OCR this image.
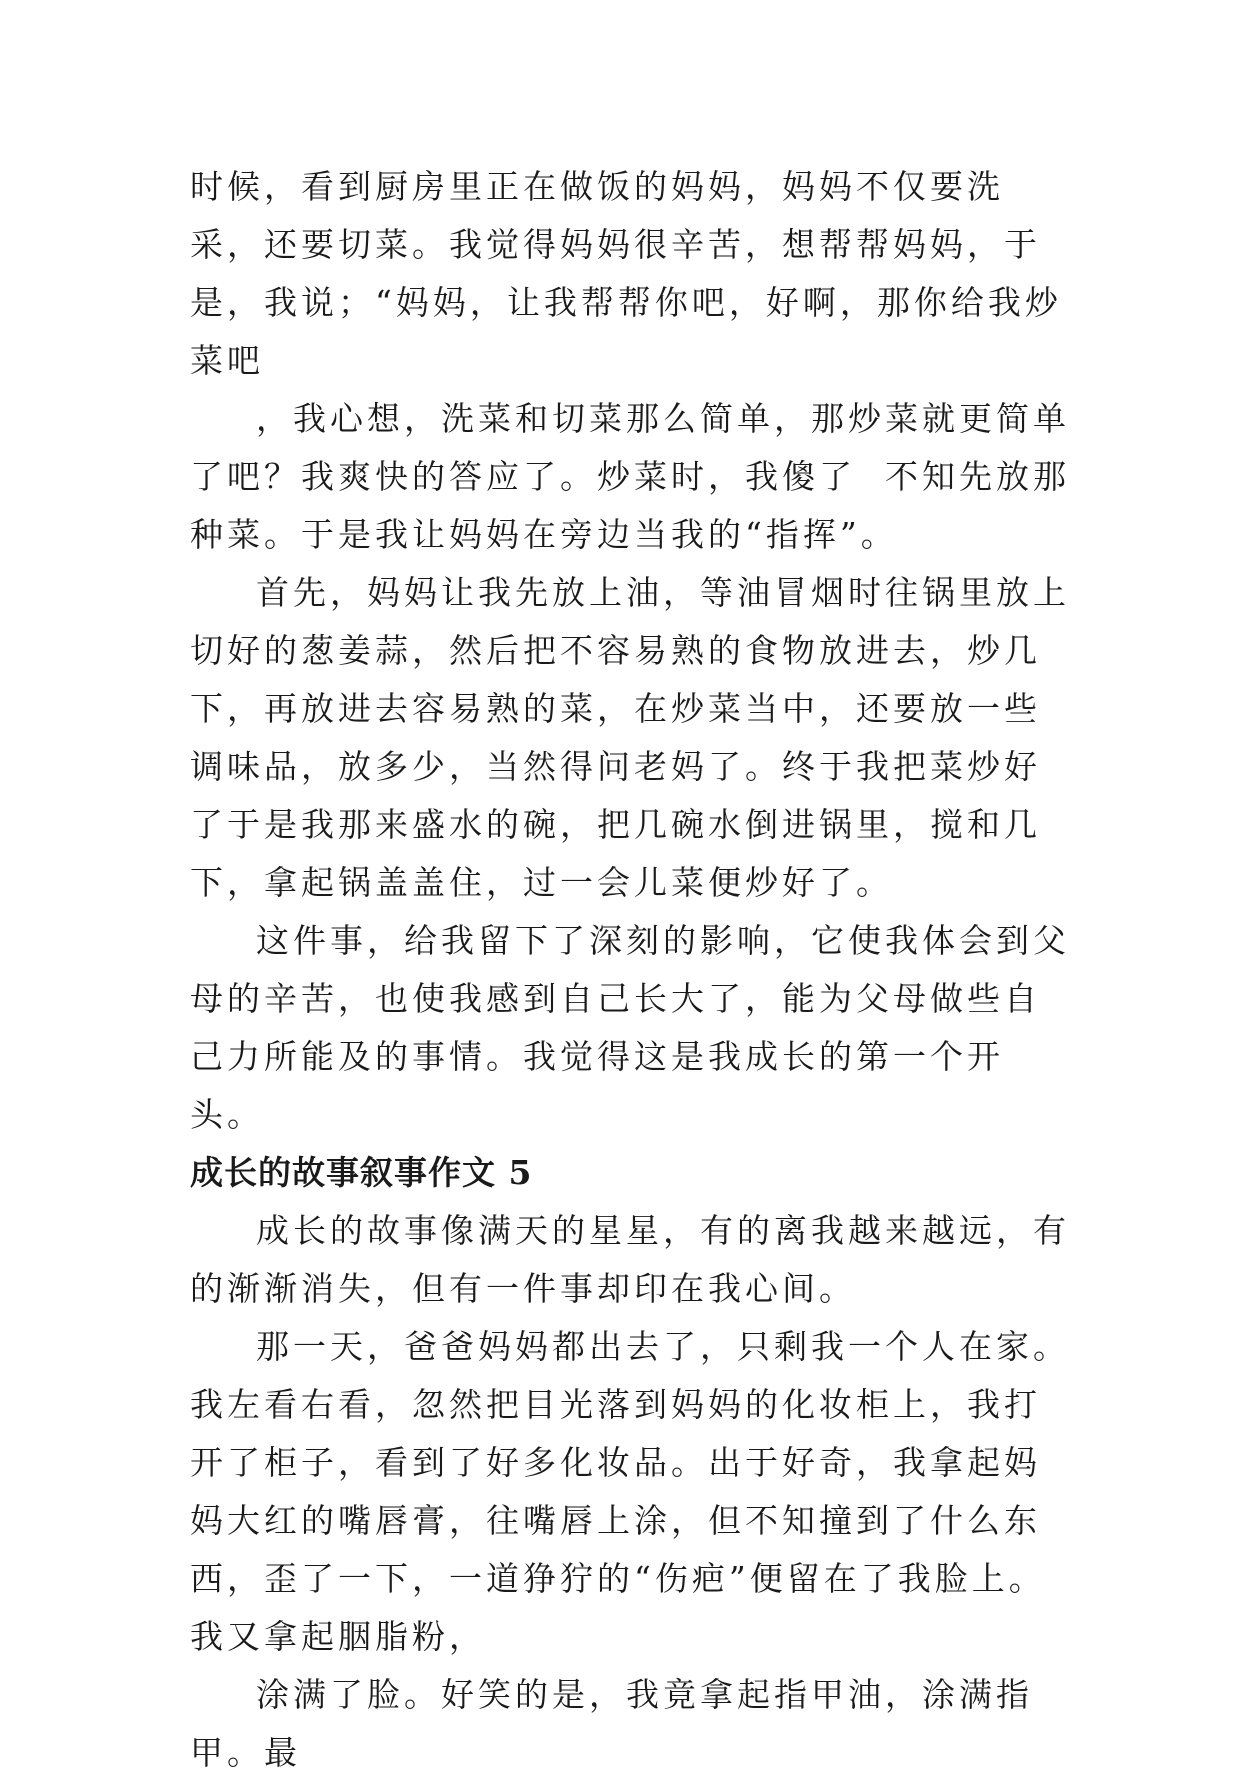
时候，看到厨房里正在做饭的妈妈，妈妈不仅要洗采，还要切菜。我觉得妈妈很辛苦，想帮帮妈妈，于是，我说；“妈妈，让我帮帮你吧，好啊，那你给我炒菜吧

，我心想，洗菜和切菜那么简单，那炒菜就更简单了吧？我爽快的答应了。炒菜时，我傻了  不知先放那种菜。于是我让妈妈在旁边当我的“指挥”。

首先，妈妈让我先放上油，等油冒烟时往锅里放上切好的葱姜蒜，然后把不容易熟的食物放进去，炒几下，再放进去容易熟的菜，在炒菜当中，还要放一些调味品，放多少，当然得问老妈了。终于我把菜炒好了于是我那来盛水的碗，把几碗水倒进锅里，搅和几下，拿起锅盖盖住，过一会儿菜便炒好了。

这件事，给我留下了深刻的影响，它使我体会到父母的辛苦，也使我感到自己长大了，能为父母做些自己力所能及的事情。我觉得这是我成长的第一个开头。

成长的故事叙事作文 5

成长的故事像满天的星星，有的离我越来越远，有的渐渐消失，但有一件事却印在我心间。

那一天，爸爸妈妈都出去了，只剩我一个人在家。我左看右看，忽然把目光落到妈妈的化妆柜上，我打开了柜子，看到了好多化妆品。出于好奇，我拿起妈妈大红的嘴唇膏，往嘴唇上涂，但不知撞到了什么东西，歪了一下，一道狰狞的“伤疤”便留在了我脸上。我又拿起胭脂粉，

涂满了脸。好笑的是，我竟拿起指甲油，涂满指甲。最
